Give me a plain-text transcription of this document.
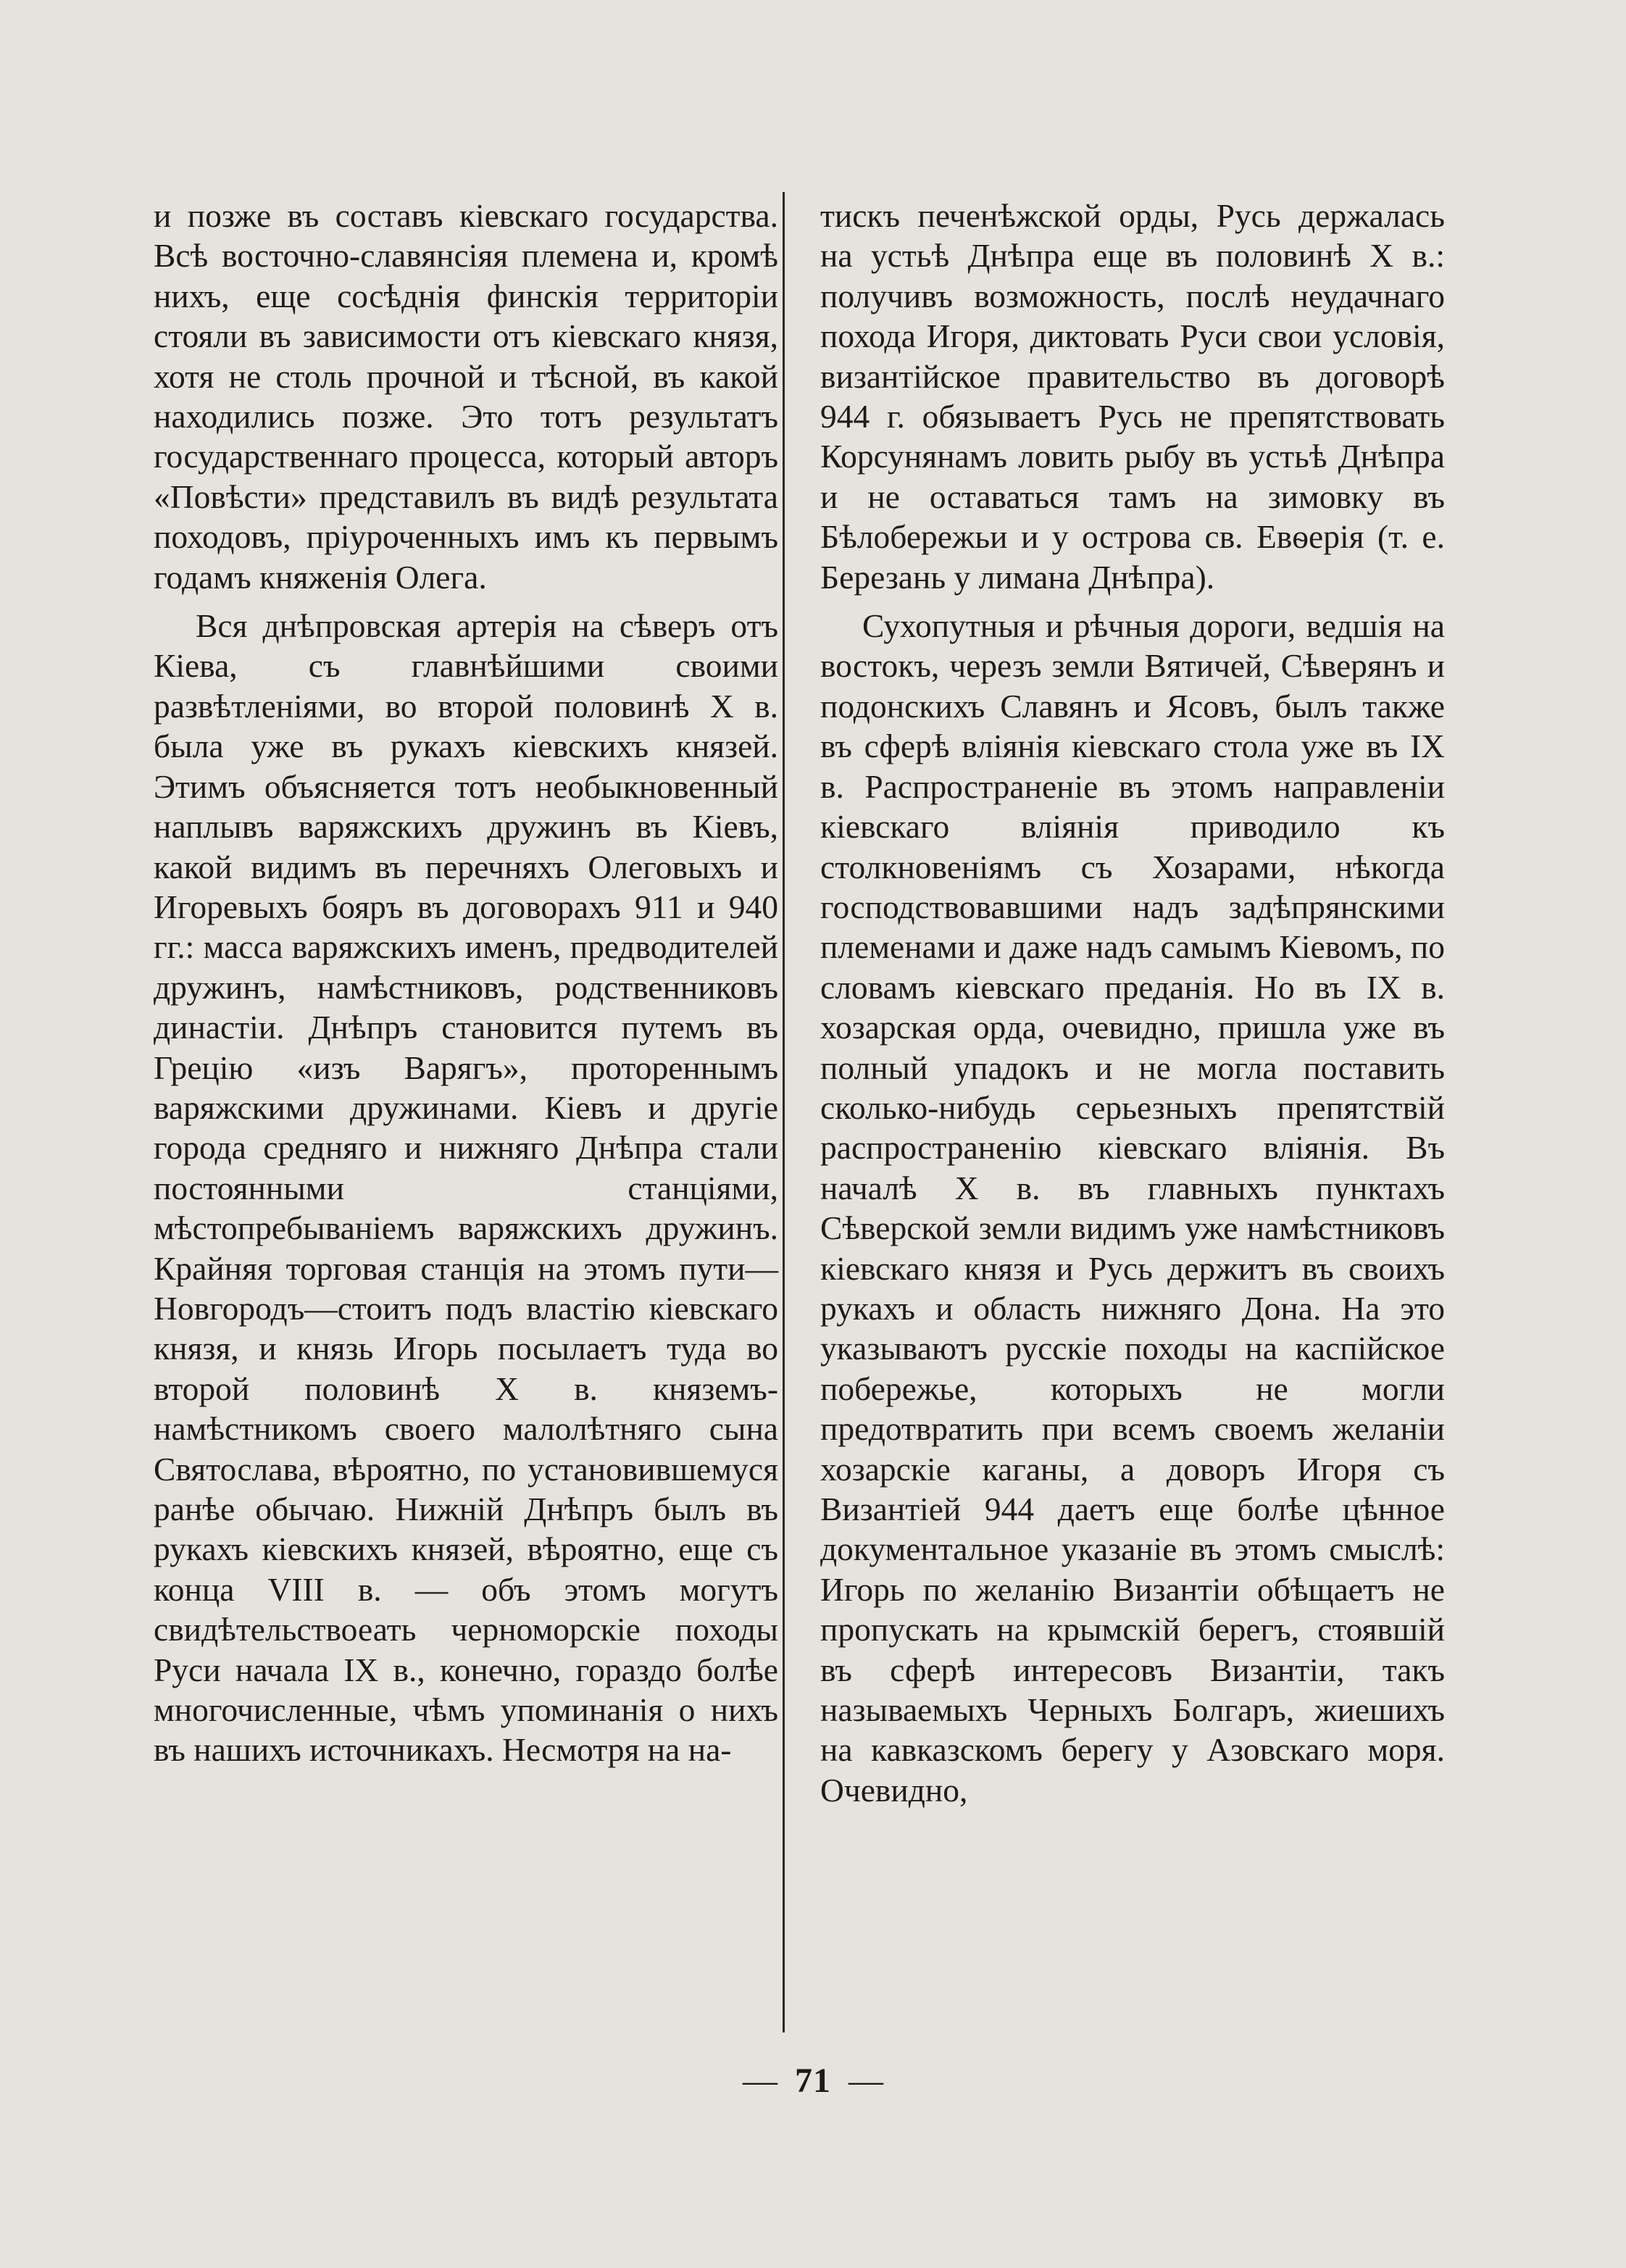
и позже въ составъ кіевскаго государства. Всѣ восточно-славянсіяя племена и, кромѣ нихъ, еще сосѣднія финскія территоріи стояли въ зависимости отъ кіевскаго князя, хотя не столь прочной и тѣсной, въ какой находились позже. Это тотъ результатъ государственнаго процесса, который авторъ «Повѣсти» представилъ въ видѣ результата походовъ, пріуроченныхъ имъ къ первымъ годамъ княженія Олега.

Вся днѣпровская артерія на сѣверъ отъ Кіева, съ главнѣйшими своими развѣтленіями, во второй половинѣ X в. была уже въ рукахъ кіевскихъ князей. Этимъ объясняется тотъ необыкновенный наплывъ варяжскихъ дружинъ въ Кіевъ, какой видимъ въ перечняхъ Олеговыхъ и Игоревыхъ бояръ въ договорахъ 911 и 940 гг.: масса варяжскихъ именъ, предводителей дружинъ, намѣстниковъ, родственниковъ династіи. Днѣпръ становится путемъ въ Грецію «изъ Варягъ», протореннымъ варяжскими дружинами. Кіевъ и другіе города средняго и нижняго Днѣпра стали постоянными станціями, мѣстопребываніемъ варяжскихъ дружинъ. Крайняя торговая станція на этомъ пути—Новгородъ—стоитъ подъ властію кіевскаго князя, и князь Игорь посылаетъ туда во второй половинѣ X в. княземъ-намѣстникомъ своего малолѣтняго сына Святослава, вѣроятно, по установившемуся ранѣе обычаю. Нижній Днѣпръ былъ въ рукахъ кіевскихъ князей, вѣроятно, еще съ конца VIII в. — объ этомъ могутъ свидѣтельствоеать черноморскіе походы Руси начала IX в., конечно, гораздо болѣе многочисленные, чѣмъ упоминанія о нихъ въ нашихъ источникахъ. Несмотря на на-

тискъ печенѣжской орды, Русь держалась на устьѣ Днѣпра еще въ половинѣ X в.: получивъ возможность, послѣ неудачнаго похода Игоря, диктовать Руси свои условія, византійское правительство въ договорѣ 944 г. обязываетъ Русь не препятствовать Корсунянамъ ловить рыбу въ устьѣ Днѣпра и не оставаться тамъ на зимовку въ Бѣлобережьи и у острова св. Евѳерія (т. е. Березань у лимана Днѣпра).

Сухопутныя и рѣчныя дороги, ведшія на востокъ, черезъ земли Вятичей, Сѣверянъ и подонскихъ Славянъ и Ясовъ, былъ также въ сферѣ вліянія кіевскаго стола уже въ IX в. Распространеніе въ этомъ направленіи кіевскаго вліянія приводило къ столкновеніямъ съ Хозарами, нѣкогда господствовавшими надъ задѣпрянскими племенами и даже надъ самымъ Кіевомъ, по словамъ кіевскаго преданія. Но въ IX в. хозарская орда, очевидно, пришла уже въ полный упадокъ и не могла поставить сколько-нибудь серьезныхъ препятствій распространенію кіевскаго вліянія. Въ началѣ X в. въ главныхъ пунктахъ Сѣверской земли видимъ уже намѣстниковъ кіевскаго князя и Русь держитъ въ своихъ рукахъ и область нижняго Дона. На это указываютъ русскіе походы на каспійское побережье, которыхъ не могли предотвратить при всемъ своемъ желаніи хозарскіе каганы, а доворъ Игоря съ Византіей 944 даетъ еще болѣе цѣнное документальное указаніе въ этомъ смыслѣ: Игорь по желанію Византіи обѣщаетъ не пропускать на крымскій берегъ, стоявшій въ сферѣ интересовъ Византіи, такъ называемыхъ Черныхъ Болгаръ, жиешихъ на кавказскомъ берегу у Азовскаго моря. Очевидно,

— 71 —
